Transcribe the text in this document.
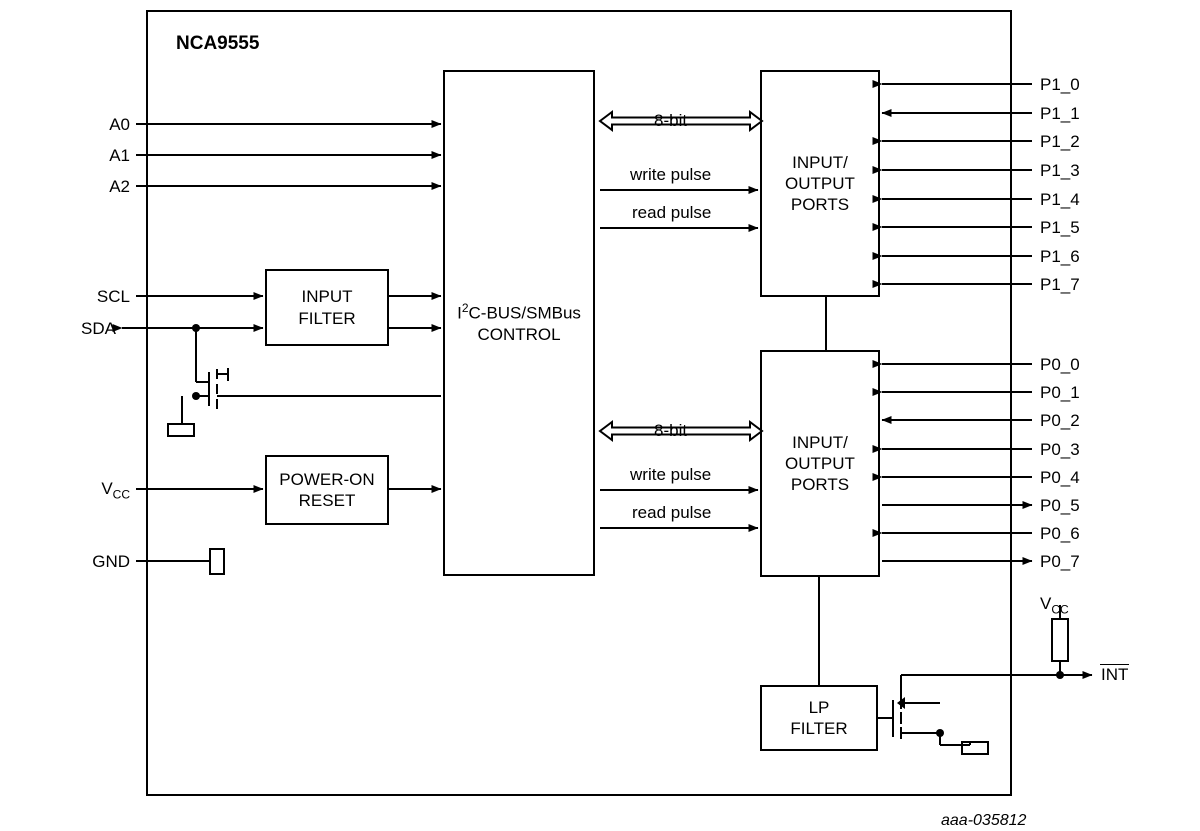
NCA9555
INPUT
FILTER	$I^2C-BUS$/SMBus
CONTROL
POWER-ON
RESET
INPUT/
OUTPUT
PORTS
INPUT/
OUTPUT
PORTS
LP
FILTER
A0
A1
A2
SCL
SDA
$V_{CC}$
GND
8-bit
write pulse
read pulse
8-bit
write pulse
read pulse
P1_0
P1_1
P1_2
P1_3
P1_4
P1_5
P1_6
P1_7
P0_0
P0_1
P0_2
P0_3
P0_4
P0_5
P0_6
P0_7
$V_{CC}$
INT
aaa-035812
